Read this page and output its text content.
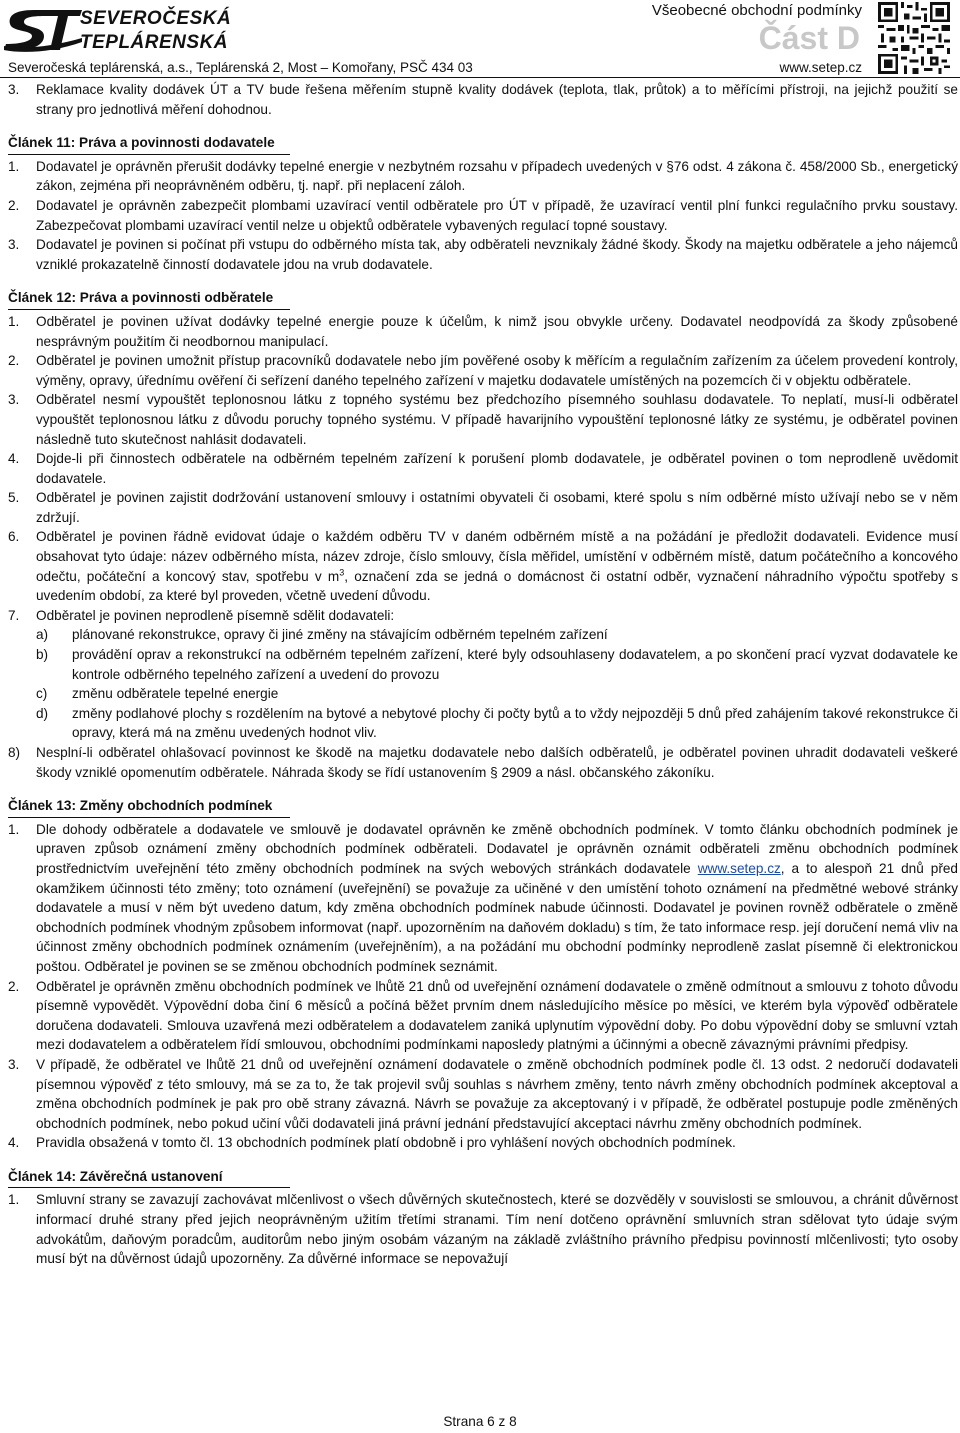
SEVEROČESKÁ
TEPLÁRENSKÁ
Severočeská teplárenská, a.s., Teplárenská 2, Most – Komořany, PSČ 434 03
Všeobecné obchodní podmínky
Část D
www.setep.cz
3.	Reklamace kvality dodávek ÚT a TV bude řešena měřením stupně kvality dodávek (teplota, tlak, průtok) a to měřícími přístroji, na jejichž použití se strany pro jednotlivá měření dohodnou.
Článek 11: Práva a povinnosti dodavatele
1.	Dodavatel je oprávněn přerušit dodávky tepelné energie v nezbytném rozsahu v případech uvedených v §76 odst. 4 zákona č. 458/2000 Sb., energetický zákon, zejména při neoprávněném odběru, tj. např. při neplacení záloh.
2.	Dodavatel je oprávněn zabezpečit plombami uzavírací ventil odběratele pro ÚT v případě, že uzavírací ventil plní funkci regulačního prvku soustavy. Zabezpečovat plombami uzavírací ventil nelze u objektů odběratele vybavených regulací topné soustavy.
3.	Dodavatel je povinen si počínat při vstupu do odběrného místa tak, aby odběrateli nevznikaly žádné škody. Škody na majetku odběratele a jeho nájemců vzniklé prokazatelně činností dodavatele jdou na vrub dodavatele.
Článek 12: Práva a povinnosti odběratele
1.	Odběratel je povinen užívat dodávky tepelné energie pouze k účelům, k nimž jsou obvykle určeny. Dodavatel neodpovídá za škody způsobené nesprávným použitím či neodbornou manipulací.
2.	Odběratel je povinen umožnit přístup pracovníků dodavatele nebo jím pověřené osoby k měřícím a regulačním zařízením za účelem provedení kontroly, výměny, opravy, úřednímu ověření či seřízení daného tepelného zařízení v majetku dodavatele umístěných na pozemcích či v objektu odběratele.
3.	Odběratel nesmí vypouštět teplonosnou látku z topného systému bez předchozího písemného souhlasu dodavatele. To neplatí, musí-li odběratel vypouštět teplonosnou látku z důvodu poruchy topného systému. V případě havarijního vypouštění teplonosné látky ze systému, je odběratel povinen následně tuto skutečnost nahlásit dodavateli.
4.	Dojde-li při činnostech odběratele na odběrném tepelném zařízení k porušení plomb dodavatele, je odběratel povinen o tom neprodleně uvědomit dodavatele.
5.	Odběratel je povinen zajistit dodržování ustanovení smlouvy i ostatními obyvateli či osobami, které spolu s ním odběrné místo užívají nebo se v něm zdržují.
6.	Odběratel je povinen řádně evidovat údaje o každém odběru TV v daném odběrném místě a na požádání je předložit dodavateli. Evidence musí obsahovat tyto údaje: název odběrného místa, název zdroje, číslo smlouvy, čísla měřidel, umístění v odběrném místě, datum počátečního a koncového odečtu, počáteční a koncový stav, spotřebu v $m^3$, označení zda se jedná o domácnost či ostatní odběr, vyznačení náhradního výpočtu spotřeby s uvedením období, za které byl proveden, včetně uvedení důvodu.
7.	Odběratel je povinen neprodleně písemně sdělit dodavateli:
a)	plánované rekonstrukce, opravy či jiné změny na stávajícím odběrném tepelném zařízení
b)	provádění oprav a rekonstrukcí na odběrném tepelném zařízení, které byly odsouhlaseny dodavatelem, a po skončení prací vyzvat dodavatele ke kontrole odběrného tepelného zařízení a uvedení do provozu
c)	změnu odběratele tepelné energie
d)	změny podlahové plochy s rozdělením na bytové a nebytové plochy či počty bytů a to vždy nejpozději 5 dnů před zahájením takové rekonstrukce či opravy, která má na změnu uvedených hodnot vliv.
8)	Nesplní-li odběratel ohlašovací povinnost ke škodě na majetku dodavatele nebo dalších odběratelů, je odběratel povinen uhradit dodavateli veškeré škody vzniklé opomenutím odběratele. Náhrada škody se řídí ustanovením § 2909 a násl. občanského zákoníku.
Článek 13: Změny obchodních podmínek
1.	Dle dohody odběratele a dodavatele ve smlouvě je dodavatel oprávněn ke změně obchodních podmínek. V tomto článku obchodních podmínek je upraven způsob oznámení změny obchodních podmínek odběrateli. Dodavatel je oprávněn oznámit odběrateli změnu obchodních podmínek prostřednictvím uveřejnění této změny obchodních podmínek na svých webových stránkách dodavatele www.setep.cz, a to alespoň 21 dnů před okamžikem účinnosti této změny; toto oznámení (uveřejnění) se považuje za učiněné v den umístění tohoto oznámení na předmětné webové stránky dodavatele a musí v něm být uvedeno datum, kdy změna obchodních podmínek nabude účinnosti. Dodavatel je povinen rovněž odběratele o změně obchodních podmínek vhodným způsobem informovat (např. upozorněním na daňovém dokladu) s tím, že tato informace resp. její doručení nemá vliv na účinnost změny obchodních podmínek oznámením (uveřejněním), a na požádání mu obchodní podmínky neprodleně zaslat písemně či elektronickou poštou. Odběratel je povinen se se změnou obchodních podmínek seznámit.
2.	Odběratel je oprávněn změnu obchodních podmínek ve lhůtě 21 dnů od uveřejnění oznámení dodavatele o změně odmítnout a smlouvu z tohoto důvodu písemně vypovědět. Výpovědní doba činí 6 měsíců a počíná běžet prvním dnem následujícího měsíce po měsíci, ve kterém byla výpověď odběratele doručena dodavateli. Smlouva uzavřená mezi odběratelem a dodavatelem zaniká uplynutím výpovědní doby. Po dobu výpovědní doby se smluvní vztah mezi dodavatelem a odběratelem řídí smlouvou, obchodními podmínkami naposledy platnými a účinnými a obecně závaznými právními předpisy.
3.	V případě, že odběratel ve lhůtě 21 dnů od uveřejnění oznámení dodavatele o změně obchodních podmínek podle čl. 13 odst. 2 nedoručí dodavateli písemnou výpověď z této smlouvy, má se za to, že tak projevil svůj souhlas s návrhem změny, tento návrh změny obchodních podmínek akceptoval a změna obchodních podmínek je pak pro obě strany závazná. Návrh se považuje za akceptovaný i v případě, že odběratel postupuje podle změněných obchodních podmínek, nebo pokud učiní vůči dodavateli jiná právní jednání představující akceptaci návrhu změny obchodních podmínek.
4.	Pravidla obsažená v tomto čl. 13 obchodních podmínek platí obdobně i pro vyhlášení nových obchodních podmínek.
Článek 14: Závěrečná ustanovení
1.	Smluvní strany se zavazují zachovávat mlčenlivost o všech důvěrných skutečnostech, které se dozvěděly v souvislosti se smlouvou, a chránit důvěrnost informací druhé strany před jejich neoprávněným užitím třetími stranami. Tím není dotčeno oprávnění smluvních stran sdělovat tyto údaje svým advokátům, daňovým poradcům, auditorům nebo jiným osobám vázaným na základě zvláštního právního předpisu povinností mlčenlivosti; tyto osoby musí být na důvěrnost údajů upozorněny. Za důvěrné informace se nepovažují
Strana 6 z 8
